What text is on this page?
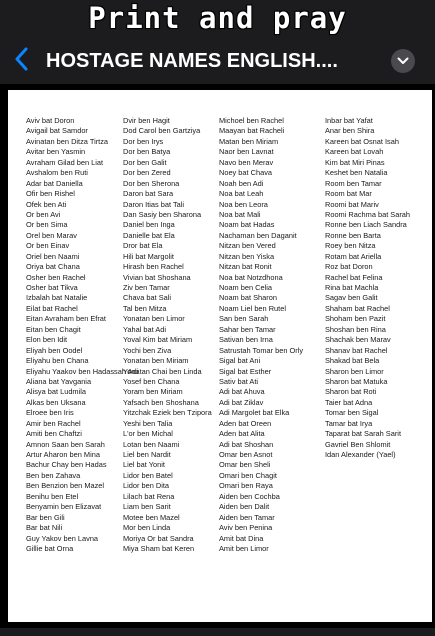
Print and pray
HOSTAGE NAMES ENGLISH....
Aviv bat Doron
Avigail bat Samdor
Avinatan ben Ditza Tirtza
Avitar ben Yasmin
Avraham Gilad ben Liat
Avshalom ben Ruti
Adar bat Daniella
Ofir ben Rishel
Ofek ben Ati
Or ben Avi
Or ben Sima
Orel ben Marav
Or ben Einav
Oriel ben Naami
Oriya bat Chana
Osher ben Rachel
Osher bat Tikva
Izbalah bat Natalie
Eilat bat Rachel
Eitan Avraham ben Efrat
Eitan ben Chagit
Elon ben Idit
Eliyah ben Oodel
Eliyahu ben Chana
Eliyahu Yaakov ben Hadassah Adi
Aliana bat Yavgania
Alisya bat Ludmila
Alkas ben Uksana
Elroee ben Iris
Amir ben Rachel
Amiti ben Chaftzi
Amnon Saan ben Sarah
Artur Aharon ben Mina
Bachur Chay ben Hadas
Ben ben Zahava
Ben Benzion ben Mazel
Benihu ben Etel
Benyamin ben Elizavat
Bar ben Gili
Bar bat Nili
Guy Yakov ben Lavna
Gillie bat Orna
Dvir ben Hagit
Dod Carol ben Gartziya
Dor ben Irys
Dor ben Batya
Dor ben Galit
Dor ben Zered
Dor ben Sherona
Daron bat Sara
Daron Itias bat Tali
Dan Sasiy ben Sharona
Daniel ben Inga
Danielle bat Ela
Dror bat Ela
Hili bat Margolit
Hirash ben Rachel
Vivian bat Shoshana
Ziv ben Tamar
Chava bat Sali
Tal ben Mitza
Yonatan ben Limor
Yahal bat Adi
Yoval Kim bat Miriam
Yochi ben Ziva
Yonatan ben Miriam
Yonatan Chai ben Linda
Yosef ben Chana
Yoram ben Miriam
Yafsach ben Shoshana
Yitzchak Eziek ben Tzipora
Yeshi ben Talia
L'or ben Michal
Lotan ben Naami
Liel ben Nardit
Liel bat Yonit
Lidor ben Batel
Lidor ben Dita
Lilach bat Rena
Liam ben Sarit
Motee ben Mazel
Mor ben Linda
Moriya Or bat Sandra
Miya Sham bat Keren
Michoel ben Rachel
Maayan bat Racheli
Matan ben Miriam
Naor ben Lavnat
Navo ben Merav
Noey bat Chava
Noah ben Adi
Noa bat Leah
Noa ben Leora
Noa bat Mali
Noam bat Hadas
Nachaman ben Daganit
Nitzan ben Vered
Nitzan ben Yiska
Nitzan bat Ronit
Noa bat Notzdhona
Noam ben Celia
Noam bat Sharon
Noam Liel ben Rutel
San ben Sarah
Sahar ben Tamar
Sativan ben Irna
Satrustah Tomar ben Orly
Sigal bat Ani
Sigal bat Esther
Sativ bat Ati
Adi bat Ahuva
Adi bat Ziklav
Adi Margolet bat Elka
Aden bat Oreen
Aden bat Alita
Adi bat Shoshan
Omar ben Asnot
Omar ben Sheli
Omari ben Chagit
Omari ben Raya
Aiden ben Cochba
Aiden ben Dalit
Aiden ben Tamar
Aviv ben Penina
Amit bat Dina
Amit ben Limor
Inbar bat Yafat
Anar ben Shira
Kareen bat Osnat Isah
Kareen bat Lovah
Kim bat Miri Pinas
Keshet ben Natalia
Room ben Tamar
Room bat Mar
Roomi bat Mariv
Roomi Rachma bat Sarah
Ronne ben Liach Sandra
Ronne ben Barta
Roey ben Nitza
Rotam bat Ariella
Roz bat Doron
Rachel bat Felina
Rina bat Machla
Sagav ben Galit
Shaham bat Rachel
Shoham ben Pazit
Shoshan ben Rina
Shachak ben Marav
Shanav bat Rachel
Shakad bat Bela
Sharon ben Limor
Sharon bat Matuka
Sharon bat Roti
Taier bat Adna
Tomar ben Sigal
Tamar bat Irya
Taparat bat Sarah Sarit
Gavriel Ben Shlomit
Idan Alexander (Yael)
